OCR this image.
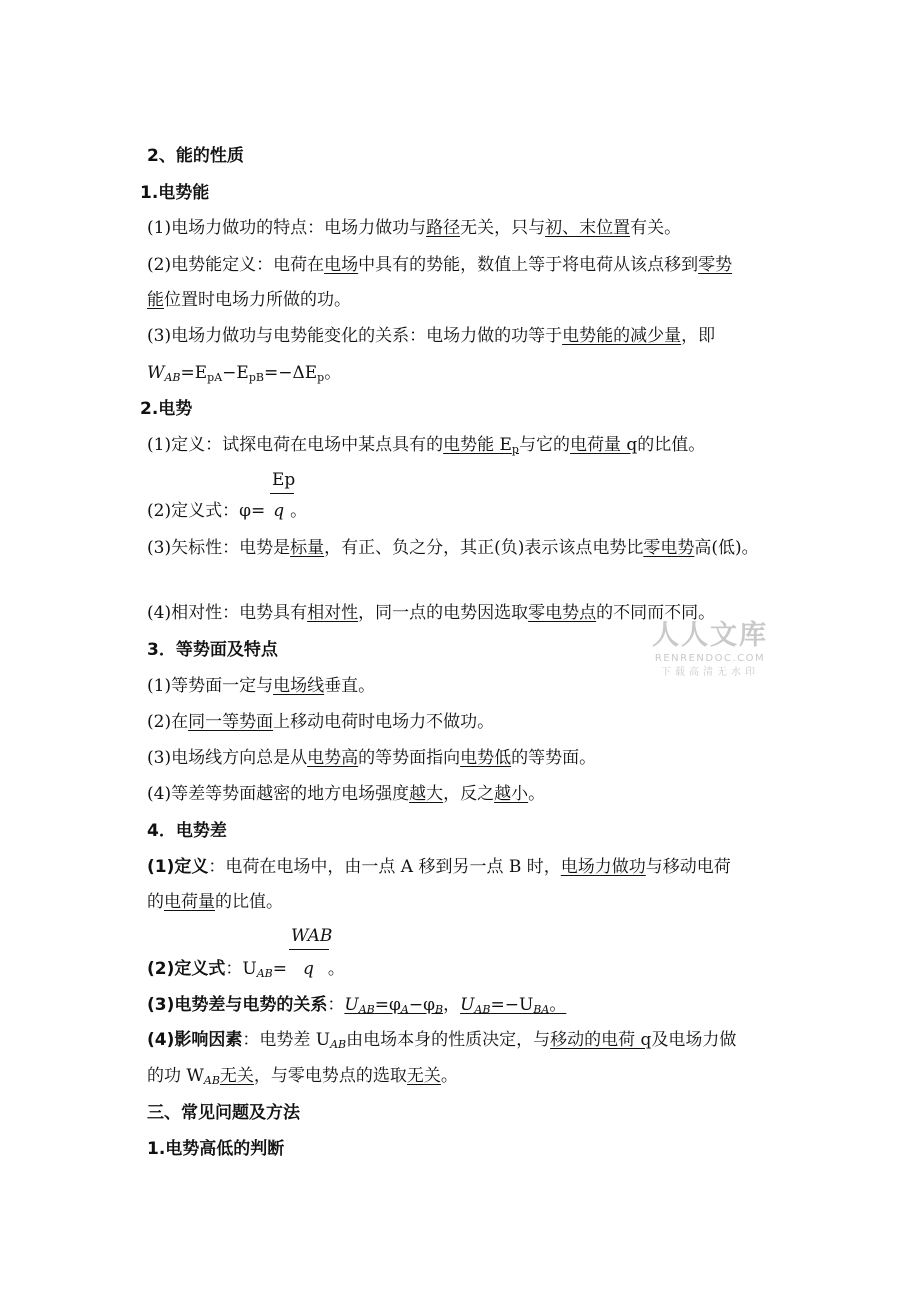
2、能的性质
1.电势能
(1)电场力做功的特点：电场力做功与路径无关，只与初、末位置有关。
(2)电势能定义：电荷在电场中具有的势能，数值上等于将电荷从该点移到零势
能位置时电场力所做的功。
(3)电场力做功与电势能变化的关系：电场力做的功等于电势能的减少量，即
$W_{AB}=E_{pA}-E_{pB}=-\Delta E_p$。
2.电势
(1)定义：试探电荷在电场中某点具有的电势能 $E_p$与它的电荷量 q的比值。
Ep
(2)定义式：φ= q 。
(3)矢标性：电势是标量，有正、负之分，其正(负)表示该点电势比零电势高(低)。
(4)相对性：电势具有相对性，同一点的电势因选取零电势点的不同而不同。
3．等势面及特点
(1)等势面一定与电场线垂直。
(2)在同一等势面上移动电荷时电场力不做功。
(3)电场线方向总是从电势高的等势面指向电势低的等势面。
(4)等差等势面越密的地方电场强度越大，反之越小。
4．电势差
(1)定义：电荷在电场中，由一点 A 移到另一点 B 时，电场力做功与移动电荷
的电荷量的比值。
WAB
(2)定义式：$U_{AB}= q$ 。
(3)电势差与电势的关系：$U_{AB}=\varphi_A-\varphi_B$，$U_{AB}=-U_{BA}$。
(4)影响因素：电势差 $U_{AB}$由电场本身的性质决定，与移动的电荷 q及电场力做
的功 $W_{AB}$无关，与零电势点的选取无关。
三、常见问题及方法
1.电势高低的判断
人人文库
RENRENDOC.COM
下载高清无水印
